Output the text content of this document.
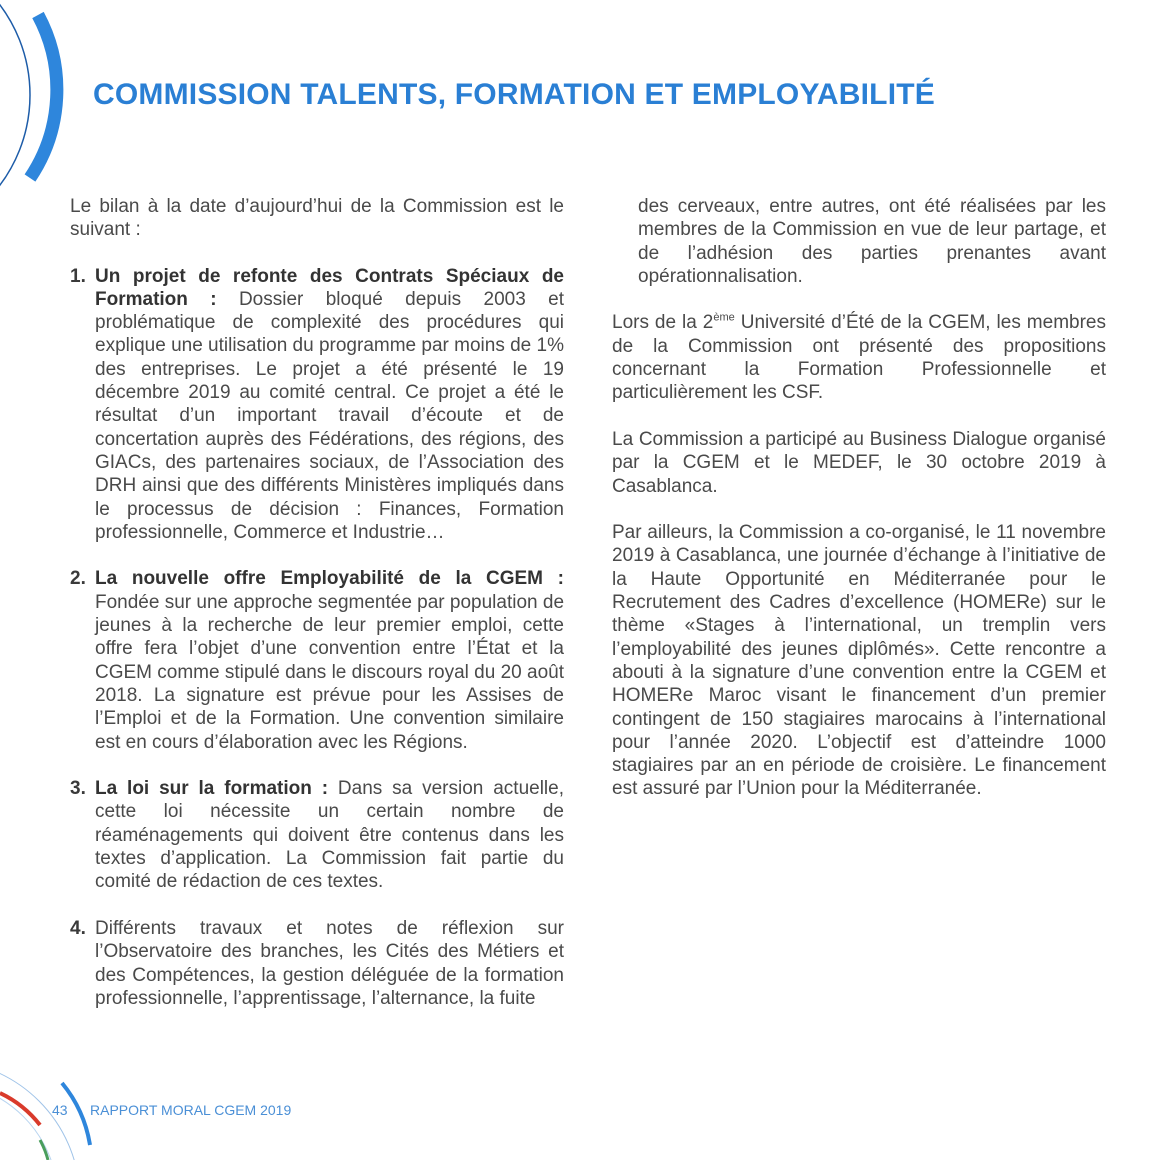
COMMISSION TALENTS, FORMATION ET EMPLOYABILITÉ

Le bilan à la date d’aujourd’hui de la Commission est le suivant :

1. Un projet de refonte des Contrats Spéciaux de Formation : Dossier bloqué depuis 2003 et problématique de complexité des procédures qui explique une utilisation du programme par moins de 1% des entreprises. Le projet a été présenté le 19 décembre 2019 au comité central. Ce projet a été le résultat d’un important travail d’écoute et de concertation auprès des Fédérations, des régions, des GIACs, des partenaires sociaux, de l’Association des DRH ainsi que des différents Ministères impliqués dans le processus de décision : Finances, Formation professionnelle, Commerce et Industrie…

2. La nouvelle offre Employabilité de la CGEM : Fondée sur une approche segmentée par population de jeunes à la recherche de leur premier emploi, cette offre fera l’objet d’une convention entre l’État et la CGEM comme stipulé dans le discours royal du 20 août 2018. La signature est prévue pour les Assises de l’Emploi et de la Formation. Une convention similaire est en cours d’élaboration avec les Régions.

3. La loi sur la formation : Dans sa version actuelle, cette loi nécessite un certain nombre de réaménagements qui doivent être contenus dans les textes d’application. La Commission fait partie du comité de rédaction de ces textes.

4. Différents travaux et notes de réflexion sur l’Observatoire des branches, les Cités des Métiers et des Compétences, la gestion déléguée de la formation professionnelle, l’apprentissage, l’alternance, la fuite

des cerveaux, entre autres, ont été réalisées par les membres de la Commission en vue de leur partage, et de l’adhésion des parties prenantes avant opérationnalisation.

Lors de la 2ème Université d’Été de la CGEM, les membres de la Commission ont présenté des propositions concernant la Formation Professionnelle et particulièrement les CSF.

La Commission a participé au Business Dialogue organisé par la CGEM et le MEDEF, le 30 octobre 2019 à Casablanca.

Par ailleurs, la Commission a co-organisé, le 11 novembre 2019 à Casablanca, une journée d’échange à l’initiative de la Haute Opportunité en Méditerranée pour le Recrutement des Cadres d’excellence (HOMERe) sur le thème «Stages à l’international, un tremplin vers l’employabilité des jeunes diplômés». Cette rencontre a abouti à la signature d’une convention entre la CGEM et HOMERe Maroc visant le financement d’un premier contingent de 150 stagiaires marocains à l’international pour l’année 2020. L’objectif est d’atteindre 1000 stagiaires par an en période de croisière. Le financement est assuré par l’Union pour la Méditerranée.

43 RAPPORT MORAL CGEM 2019
